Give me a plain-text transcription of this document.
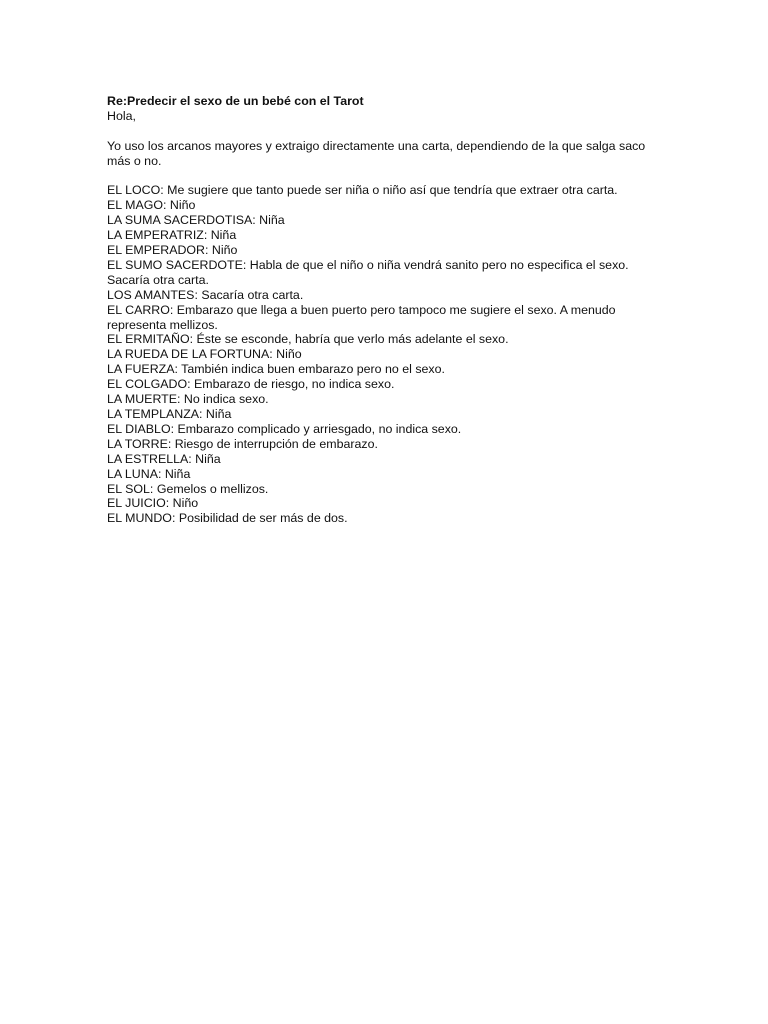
Re:Predecir el sexo de un bebé con el Tarot

Hola,

Yo uso los arcanos mayores y extraigo directamente una carta, dependiendo de la que salga saco más o no.

EL LOCO: Me sugiere que tanto puede ser niña o niño así que tendría que extraer otra carta.
EL MAGO: Niño
LA SUMA SACERDOTISA: Niña
LA EMPERATRIZ: Niña
EL EMPERADOR: Niño
EL SUMO SACERDOTE: Habla de que el niño o niña vendrá sanito pero no especifica el sexo. Sacaría otra carta.
LOS AMANTES: Sacaría otra carta.
EL CARRO: Embarazo que llega a buen puerto pero tampoco me sugiere el sexo. A menudo representa mellizos.
EL ERMITAÑO: Éste se esconde, habría que verlo más adelante el sexo.
LA RUEDA DE LA FORTUNA: Niño
LA FUERZA: También indica buen embarazo pero no el sexo.
EL COLGADO: Embarazo de riesgo, no indica sexo.
LA MUERTE: No indica sexo.
LA TEMPLANZA: Niña
EL DIABLO: Embarazo complicado y arriesgado, no indica sexo.
LA TORRE: Riesgo de interrupción de embarazo.
LA ESTRELLA: Niña
LA LUNA: Niña
EL SOL: Gemelos o mellizos.
EL JUICIO: Niño
EL MUNDO: Posibilidad de ser más de dos.
